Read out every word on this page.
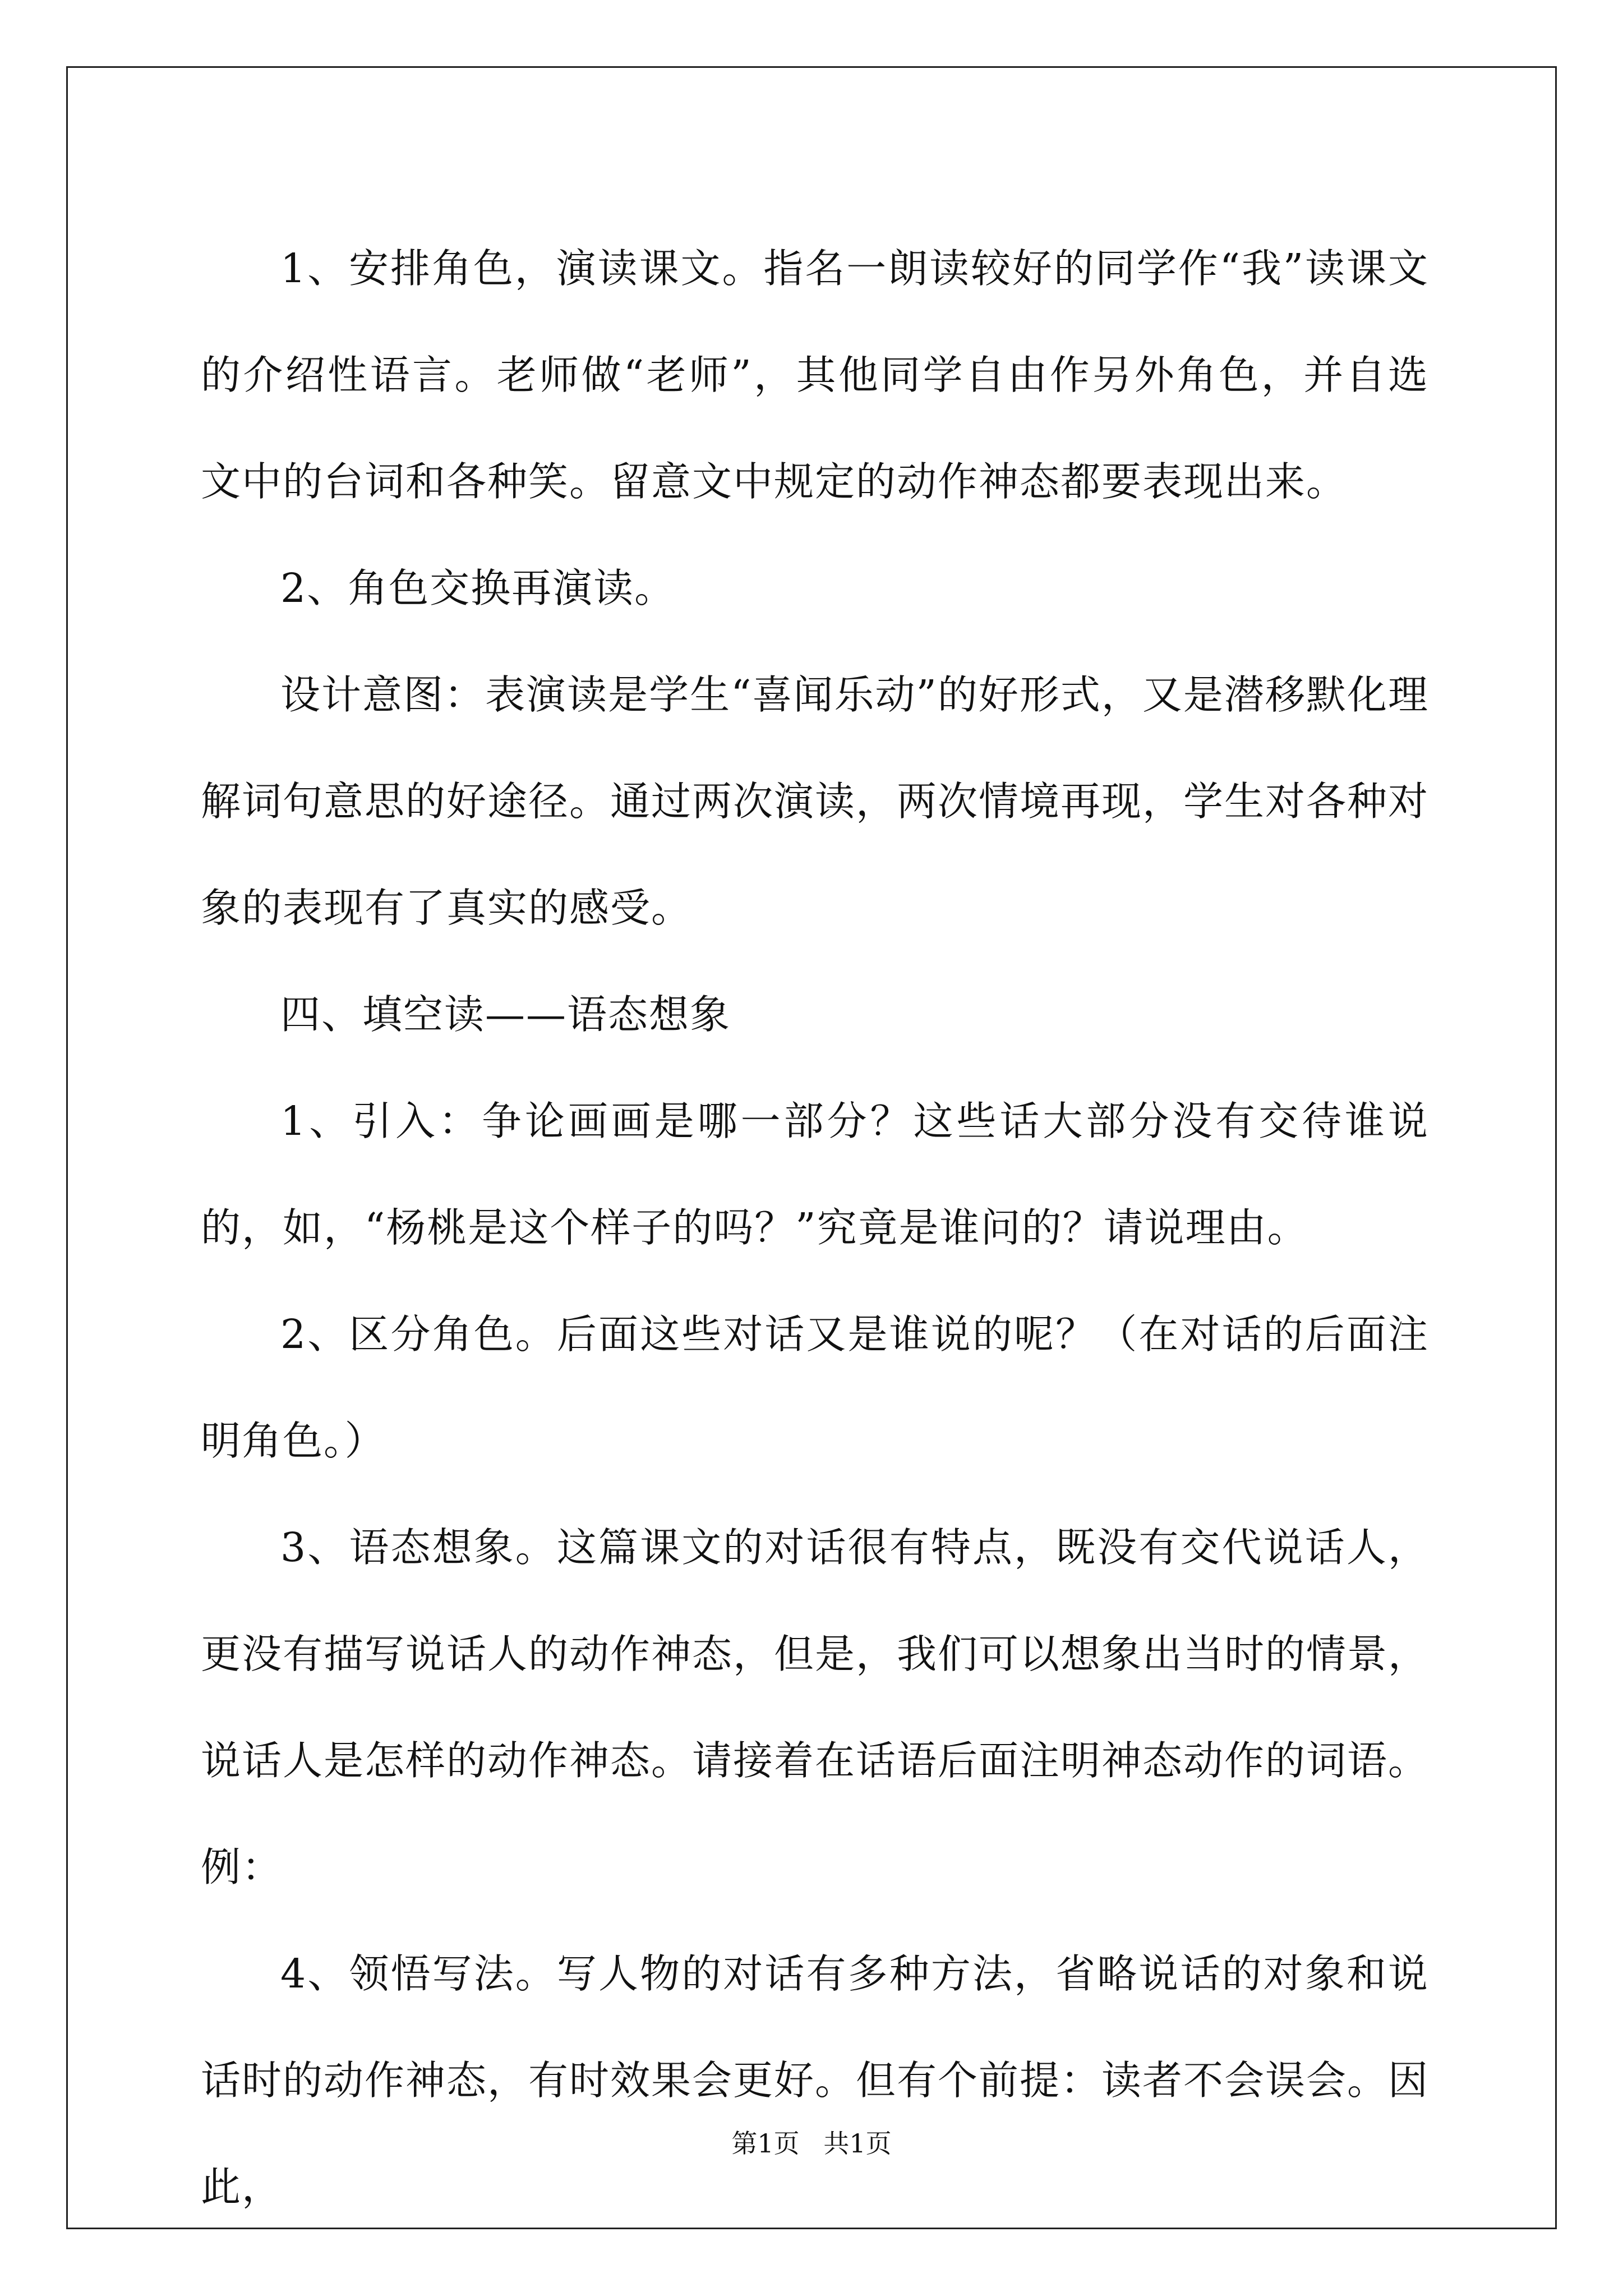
1、安排角色，演读课文。指名一朗读较好的同学作“我”读课文的介绍性语言。老师做“老师”，其他同学自由作另外角色，并自选文中的台词和各种笑。留意文中规定的动作神态都要表现出来。

2、角色交换再演读。

设计意图：表演读是学生“喜闻乐动”的好形式，又是潜移默化理解词句意思的好途径。通过两次演读，两次情境再现，学生对各种对象的表现有了真实的感受。

四、填空读——语态想象

1、引入：争论画画是哪一部分？这些话大部分没有交待谁说的，如，“杨桃是这个样子的吗？”究竟是谁问的？请说理由。

2、区分角色。后面这些对话又是谁说的呢？（在对话的后面注明角色。）

3、语态想象。这篇课文的对话很有特点，既没有交代说话人，更没有描写说话人的动作神态，但是，我们可以想象出当时的情景，说话人是怎样的动作神态。请接着在话语后面注明神态动作的词语。例：

4、领悟写法。写人物的对话有多种方法，省略说话的对象和说话时的动作神态，有时效果会更好。但有个前提：读者不会误会。因此，

第1页 共1页
